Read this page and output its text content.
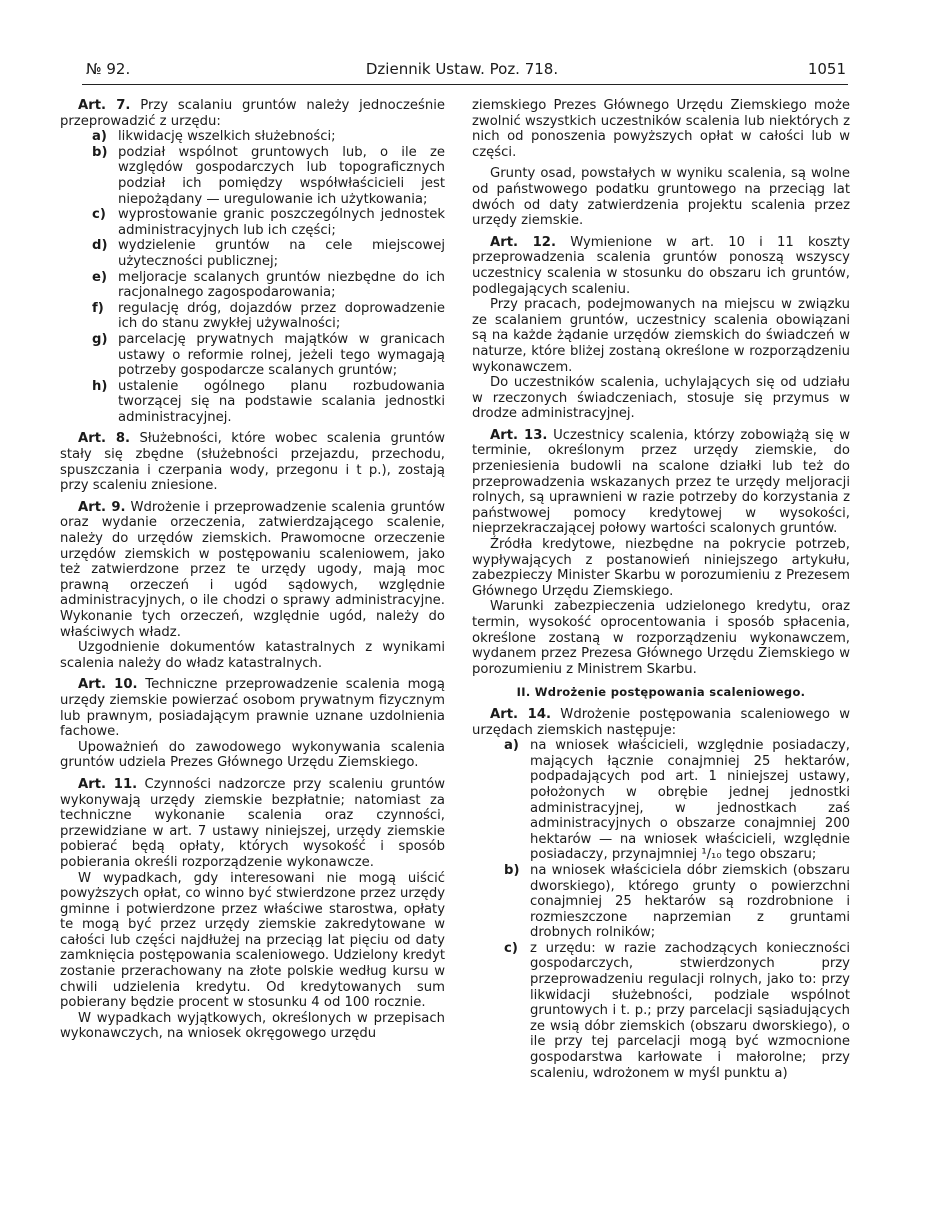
№ 92.	Dziennik Ustaw. Poz. 718.	1051

Art. 7. Przy scalaniu gruntów należy jednocześnie przeprowadzić z urzędu:

a) likwidację wszelkich służebności;
b) podział wspólnot gruntowych lub, o ile ze względów gospodarczych lub topograficznych podział ich pomiędzy współwłaścicieli jest niepożądany — uregulowanie ich użytkowania;
c) wyprostowanie granic poszczególnych jednostek administracyjnych lub ich części;
d) wydzielenie gruntów na cele miejscowej użyteczności publicznej;
e) meljoracje scalanych gruntów niezbędne do ich racjonalnego zagospodarowania;
f) regulację dróg, dojazdów przez doprowadzenie ich do stanu zwykłej używalności;
g) parcelację prywatnych majątków w granicach ustawy o reformie rolnej, jeżeli tego wymagają potrzeby gospodarcze scalanych gruntów;
h) ustalenie ogólnego planu rozbudowania tworzącej się na podstawie scalania jednostki administracyjnej.

Art. 8. Służebności, które wobec scalenia gruntów stały się zbędne (służebności przejazdu, przechodu, spuszczania i czerpania wody, przegonu i t p.), zostają przy scaleniu zniesione.

Art. 9. Wdrożenie i przeprowadzenie scalenia gruntów oraz wydanie orzeczenia, zatwierdzającego scalenie, należy do urzędów ziemskich. Prawomocne orzeczenie urzędów ziemskich w postępowaniu scaleniowem, jako też zatwierdzone przez te urzędy ugody, mają moc prawną orzeczeń i ugód sądowych, względnie administracyjnych, o ile chodzi o sprawy administracyjne. Wykonanie tych orzeczeń, względnie ugód, należy do właściwych władz.

Uzgodnienie dokumentów katastralnych z wynikami scalenia należy do władz katastralnych.

Art. 10. Techniczne przeprowadzenie scalenia mogą urzędy ziemskie powierzać osobom prywatnym fizycznym lub prawnym, posiadającym prawnie uznane uzdolnienia fachowe.

Upoważnień do zawodowego wykonywania scalenia gruntów udziela Prezes Głównego Urzędu Ziemskiego.

Art. 11. Czynności nadzorcze przy scaleniu gruntów wykonywają urzędy ziemskie bezpłatnie; natomiast za techniczne wykonanie scalenia oraz czynności, przewidziane w art. 7 ustawy niniejszej, urzędy ziemskie pobierać będą opłaty, których wysokość i sposób pobierania określi rozporządzenie wykonawcze.

W wypadkach, gdy interesowani nie mogą uiścić powyższych opłat, co winno być stwierdzone przez urzędy gminne i potwierdzone przez właściwe starostwa, opłaty te mogą być przez urzędy ziemskie zakredytowane w całości lub części najdłużej na przeciąg lat pięciu od daty zamknięcia postępowania scaleniowego. Udzielony kredyt zostanie przerachowany na złote polskie według kursu w chwili udzielenia kredytu. Od kredytowanych sum pobierany będzie procent w stosunku 4 od 100 rocznie.

W wypadkach wyjątkowych, określonych w przepisach wykonawczych, na wniosek okręgowego urzędu

ziemskiego Prezes Głównego Urzędu Ziemskiego może zwolnić wszystkich uczestników scalenia lub niektórych z nich od ponoszenia powyższych opłat w całości lub w części.

Grunty osad, powstałych w wyniku scalenia, są wolne od państwowego podatku gruntowego na przeciąg lat dwóch od daty zatwierdzenia projektu scalenia przez urzędy ziemskie.

Art. 12. Wymienione w art. 10 i 11 koszty przeprowadzenia scalenia gruntów ponoszą wszyscy uczestnicy scalenia w stosunku do obszaru ich gruntów, podlegających scaleniu.

Przy pracach, podejmowanych na miejscu w związku ze scalaniem gruntów, uczestnicy scalenia obowiązani są na każde żądanie urzędów ziemskich do świadczeń w naturze, które bliżej zostaną określone w rozporządzeniu wykonawczem.

Do uczestników scalenia, uchylających się od udziału w rzeczonych świadczeniach, stosuje się przymus w drodze administracyjnej.

Art. 13. Uczestnicy scalenia, którzy zobowiążą się w terminie, określonym przez urzędy ziemskie, do przeniesienia budowli na scalone działki lub też do przeprowadzenia wskazanych przez te urzędy meljoracji rolnych, są uprawnieni w razie potrzeby do korzystania z państwowej pomocy kredytowej w wysokości, nieprzekraczającej połowy wartości scalonych gruntów.

Źródła kredytowe, niezbędne na pokrycie potrzeb, wypływających z postanowień niniejszego artykułu, zabezpieczy Minister Skarbu w porozumieniu z Prezesem Głównego Urzędu Ziemskiego.

Warunki zabezpieczenia udzielonego kredytu, oraz termin, wysokość oprocentowania i sposób spłacenia, określone zostaną w rozporządzeniu wykonawczem, wydanem przez Prezesa Głównego Urzędu Ziemskiego w porozumieniu z Ministrem Skarbu.

II. Wdrożenie postępowania scaleniowego.

Art. 14. Wdrożenie postępowania scaleniowego w urzędach ziemskich następuje:

a) na wniosek właścicieli, względnie posiadaczy, mających łącznie conajmniej 25 hektarów, podpadających pod art. 1 niniejszej ustawy, położonych w obrębie jednej jednostki administracyjnej, w jednostkach zaś administracyjnych o obszarze conajmniej 200 hektarów — na wniosek właścicieli, względnie posiadaczy, przynajmniej ¹/₁₀ tego obszaru;
b) na wniosek właściciela dóbr ziemskich (obszaru dworskiego), którego grunty o powierzchni conajmniej 25 hektarów są rozdrobnione i rozmieszczone naprzemian z gruntami drobnych rolników;
c) z urzędu: w razie zachodzących konieczności gospodarczych, stwierdzonych przy przeprowadzeniu regulacji rolnych, jako to: przy likwidacji służebności, podziale wspólnot gruntowych i t. p.; przy parcelacji sąsiadujących ze wsią dóbr ziemskich (obszaru dworskiego), o ile przy tej parcelacji mogą być wzmocnione gospodarstwa karłowate i małorolne; przy scaleniu, wdrożonem w myśl punktu a)
